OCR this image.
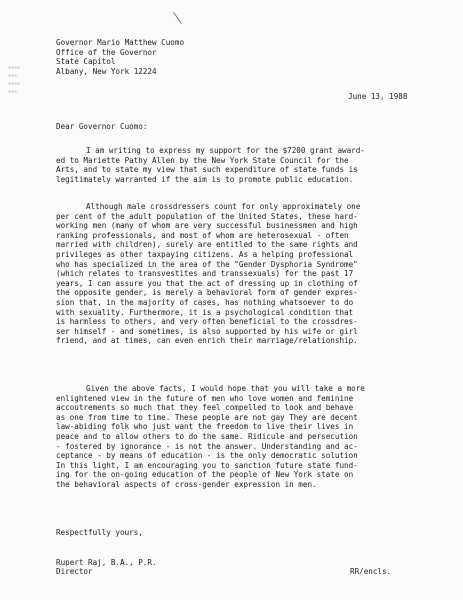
▪▪▪▪
▪▪▪
▪▪▪▪
▪▪▪
Governor Mario Matthew Cuomo
Office of the Governor
State Capitol
Albany, New York 12224
June 13, 1988
Dear Governor Cuomo:
I am writing to express my support for the $7200 grant award-
ed to Mariette Pathy Allen by the New York State Council for the
Arts, and to state my view that such expenditure of state funds is
legitimately warranted if the aim is to promote public education.
Although male crossdressers count for only approximately one
per cent of the adult population of the United States, these hard-
working men (many of whom are very successful businessmen and high
ranking professionals, and most of whom are heterosexual - often
married with children), surely are entitled to the same rights and
privileges as other taxpaying citizens. As a helping professional
who has specialized in the area of the "Gender Dysphoria Syndrome"
(which relates to transvestites and transsexuals) for the past 17
years, I can assure you that the act of dressing up in clothing of
the opposite gender, is merely a behavioral form of gender expres-
sion that, in the majority of cases, has nothing whatsoever to do
with sexuality. Furthermore, it is a psychological condition that
is harmless to others, and very often beneficial to the crossdres-
ser himself - and sometimes, is also supported by his wife or girl
friend, and at times, can even enrich their marriage/relationship.
Given the above facts, I would hope that you will take a more
enlightened view in the future of men who love women and feminine
accoutrements so much that they feel compelled to look and behave
as one from time to time. These people are not gay They are decent
law-abiding folk who just want the freedom to live their lives in
peace and to allow others to do the same. Ridicule and persecution
- fostered by ignorance - is not the answer. Understanding and ac-
ceptance - by means of education - is the only democratic solution
In this light, I am encouraging you to sanction future state fund-
ing for the on-going education of the people of New York state on
the behavioral aspects of cross-gender expression in men.
Respectfully yours,
Rupert Raj, B.A., P.R.
Director	RR/encls.
